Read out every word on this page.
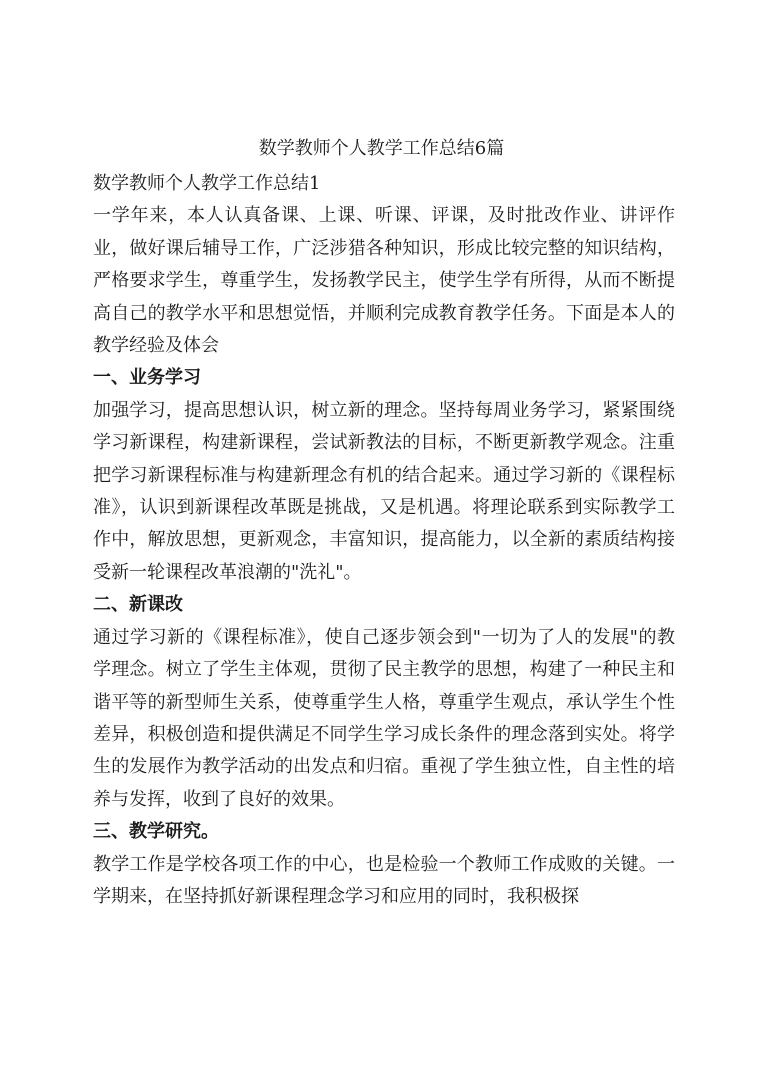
数学教师个人教学工作总结6篇

数学教师个人教学工作总结1

一学年来，本人认真备课、上课、听课、评课，及时批改作业、讲评作业，做好课后辅导工作，广泛涉猎各种知识，形成比较完整的知识结构，严格要求学生，尊重学生，发扬教学民主，使学生学有所得，从而不断提高自己的教学水平和思想觉悟，并顺利完成教育教学任务。下面是本人的教学经验及体会

一、业务学习

加强学习，提高思想认识，树立新的理念。坚持每周业务学习，紧紧围绕学习新课程，构建新课程，尝试新教法的目标，不断更新教学观念。注重把学习新课程标准与构建新理念有机的结合起来。通过学习新的《课程标准》，认识到新课程改革既是挑战，又是机遇。将理论联系到实际教学工作中，解放思想，更新观念，丰富知识，提高能力，以全新的素质结构接受新一轮课程改革浪潮的"洗礼"。

二、新课改

通过学习新的《课程标准》，使自己逐步领会到"一切为了人的发展"的教学理念。树立了学生主体观，贯彻了民主教学的思想，构建了一种民主和谐平等的新型师生关系，使尊重学生人格，尊重学生观点，承认学生个性差异，积极创造和提供满足不同学生学习成长条件的理念落到实处。将学生的发展作为教学活动的出发点和归宿。重视了学生独立性，自主性的培养与发挥，收到了良好的效果。

三、教学研究。

教学工作是学校各项工作的中心，也是检验一个教师工作成败的关键。一学期来，在坚持抓好新课程理念学习和应用的同时，我积极探
